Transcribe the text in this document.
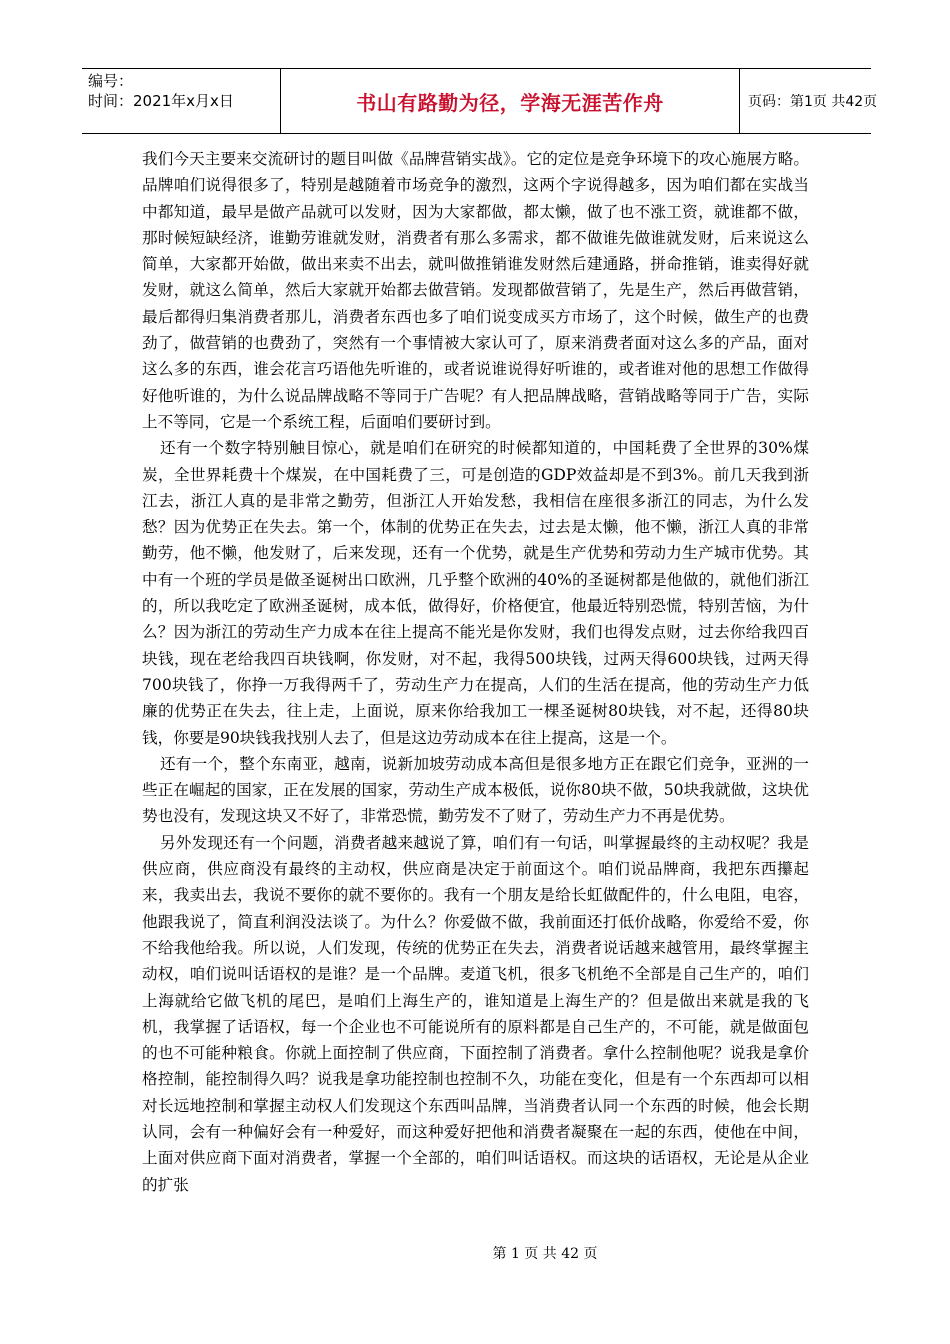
编号：
时间：2021年x月x日	书山有路勤为径，学海无涯苦作舟	页码：第1页 共42页

我们今天主要来交流研讨的题目叫做《品牌营销实战》。它的定位是竞争环境下的攻心施展方略。品牌咱们说得很多了，特别是越随着市场竞争的激烈，这两个字说得越多，因为咱们都在实战当中都知道，最早是做产品就可以发财，因为大家都做，都太懒，做了也不涨工资，就谁都不做，那时候短缺经济，谁勤劳谁就发财，消费者有那么多需求，都不做谁先做谁就发财，后来说这么简单，大家都开始做，做出来卖不出去，就叫做推销谁发财然后建通路，拼命推销，谁卖得好就发财，就这么简单，然后大家就开始都去做营销。发现都做营销了，先是生产，然后再做营销，最后都得归集消费者那儿，消费者东西也多了咱们说变成买方市场了，这个时候，做生产的也费劲了，做营销的也费劲了，突然有一个事情被大家认可了，原来消费者面对这么多的产品，面对这么多的东西，谁会花言巧语他先听谁的，或者说谁说得好听谁的，或者谁对他的思想工作做得好他听谁的，为什么说品牌战略不等同于广告呢？有人把品牌战略，营销战略等同于广告，实际上不等同，它是一个系统工程，后面咱们要研讨到。

还有一个数字特别触目惊心，就是咱们在研究的时候都知道的，中国耗费了全世界的30%煤炭，全世界耗费十个煤炭，在中国耗费了三，可是创造的GDP效益却是不到3%。前几天我到浙江去，浙江人真的是非常之勤劳，但浙江人开始发愁，我相信在座很多浙江的同志，为什么发愁？因为优势正在失去。第一个，体制的优势正在失去，过去是太懒，他不懒，浙江人真的非常勤劳，他不懒，他发财了，后来发现，还有一个优势，就是生产优势和劳动力生产城市优势。其中有一个班的学员是做圣诞树出口欧洲，几乎整个欧洲的40%的圣诞树都是他做的，就他们浙江的，所以我吃定了欧洲圣诞树，成本低，做得好，价格便宜，他最近特别恐慌，特别苦恼，为什么？因为浙江的劳动生产力成本在往上提高不能光是你发财，我们也得发点财，过去你给我四百块钱，现在老给我四百块钱啊，你发财，对不起，我得500块钱，过两天得600块钱，过两天得700块钱了，你挣一万我得两千了，劳动生产力在提高，人们的生活在提高，他的劳动生产力低廉的优势正在失去，往上走，上面说，原来你给我加工一棵圣诞树80块钱，对不起，还得80块钱，你要是90块钱我找别人去了，但是这边劳动成本在往上提高，这是一个。

还有一个，整个东南亚，越南，说新加坡劳动成本高但是很多地方正在跟它们竞争，亚洲的一些正在崛起的国家，正在发展的国家，劳动生产成本极低，说你80块不做，50块我就做，这块优势也没有，发现这块又不好了，非常恐慌，勤劳发不了财了，劳动生产力不再是优势。

另外发现还有一个问题，消费者越来越说了算，咱们有一句话，叫掌握最终的主动权呢？我是供应商，供应商没有最终的主动权，供应商是决定于前面这个。咱们说品牌商，我把东西攥起来，我卖出去，我说不要你的就不要你的。我有一个朋友是给长虹做配件的，什么电阻，电容，他跟我说了，简直利润没法谈了。为什么？你爱做不做，我前面还打低价战略，你爱给不爱，你不给我他给我。所以说，人们发现，传统的优势正在失去，消费者说话越来越管用，最终掌握主动权，咱们说叫话语权的是谁？是一个品牌。麦道飞机，很多飞机绝不全部是自己生产的，咱们上海就给它做飞机的尾巴，是咱们上海生产的，谁知道是上海生产的？但是做出来就是我的飞机，我掌握了话语权，每一个企业也不可能说所有的原料都是自己生产的，不可能，就是做面包的也不可能种粮食。你就上面控制了供应商，下面控制了消费者。拿什么控制他呢？说我是拿价格控制，能控制得久吗？说我是拿功能控制也控制不久，功能在变化，但是有一个东西却可以相对长远地控制和掌握主动权人们发现这个东西叫品牌，当消费者认同一个东西的时候，他会长期认同，会有一种偏好会有一种爱好，而这种爱好把他和消费者凝聚在一起的东西，使他在中间，上面对供应商下面对消费者，掌握一个全部的，咱们叫话语权。而这块的话语权，无论是从企业的扩张

第 1 页 共 42 页
